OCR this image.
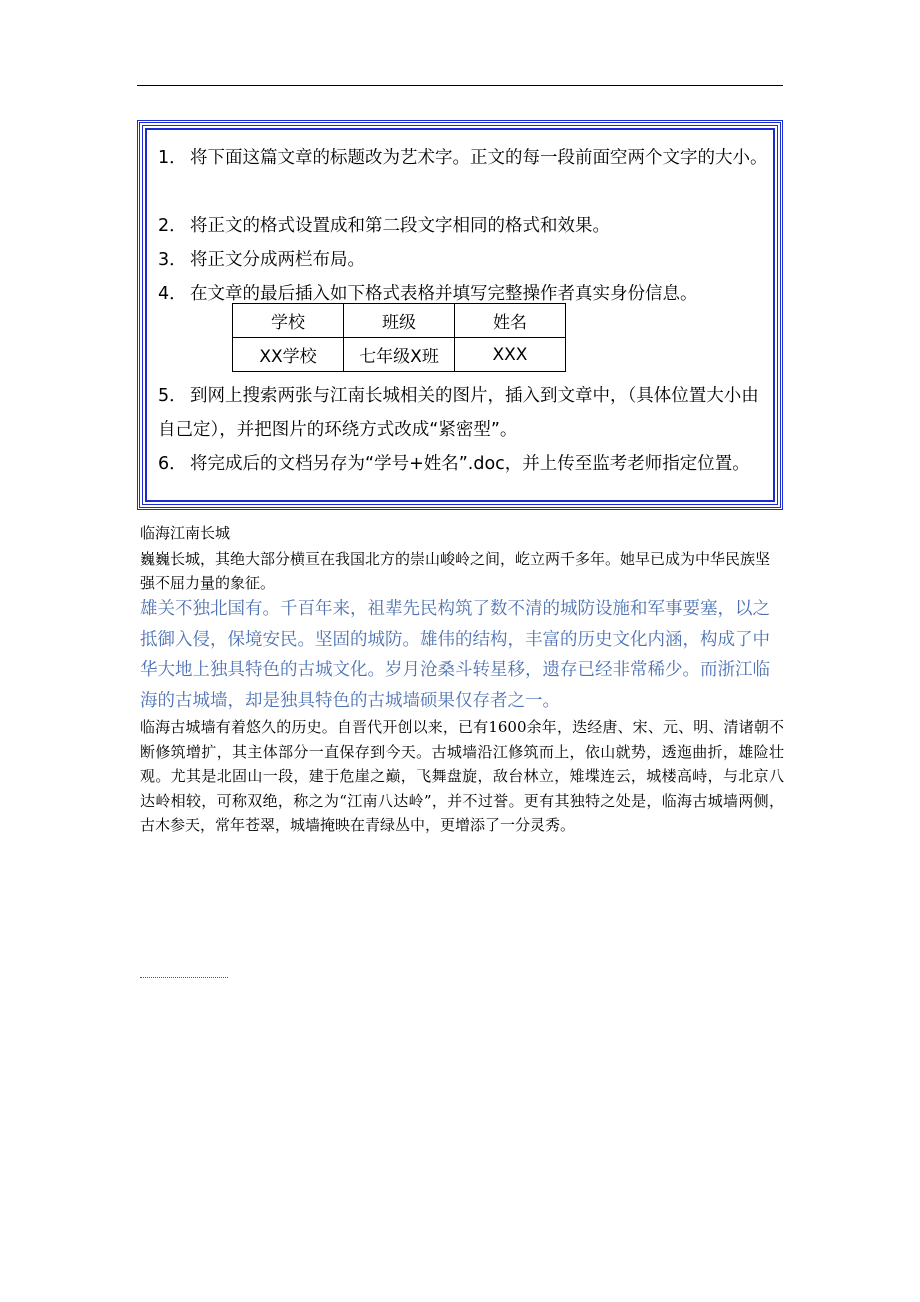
1． 将下面这篇文章的标题改为艺术字。正文的每一段前面空两个文字的大小。
2． 将正文的格式设置成和第二段文字相同的格式和效果。
3． 将正文分成两栏布局。
4． 在文章的最后插入如下格式表格并填写完整操作者真实身份信息。
5． 到网上搜索两张与江南长城相关的图片，插入到文章中，（具体位置大小由自己定），并把图片的环绕方式改成“紧密型”。
6． 将完成后的文档另存为“学号+姓名”.doc，并上传至监考老师指定位置。
学校	班级	姓名
XX学校	七年级X班	XXX
临海江南长城
巍巍长城，其绝大部分横亘在我国北方的崇山峻岭之间，屹立两千多年。她早已成为中华民族坚强不屈力量的象征。
雄关不独北国有。千百年来，祖辈先民构筑了数不清的城防设施和军事要塞，以之抵御入侵，保境安民。坚固的城防。雄伟的结构，丰富的历史文化内涵，构成了中华大地上独具特色的古城文化。岁月沧桑斗转星移，遗存已经非常稀少。而浙江临海的古城墙，却是独具特色的古城墙硕果仅存者之一。
临海古城墙有着悠久的历史。自晋代开创以来，已有1600余年，迭经唐、宋、元、明、清诸朝不断修筑增扩，其主体部分一直保存到今天。古城墙沿江修筑而上，依山就势，透迤曲折，雄险壮观。尤其是北固山一段，建于危崖之巅，飞舞盘旋，敌台林立，雉堞连云，城楼高峙，与北京八达岭相较，可称双绝，称之为“江南八达岭”，并不过誉。更有其独特之处是，临海古城墙两侧，古木参天，常年苍翠，城墙掩映在青绿丛中，更增添了一分灵秀。
